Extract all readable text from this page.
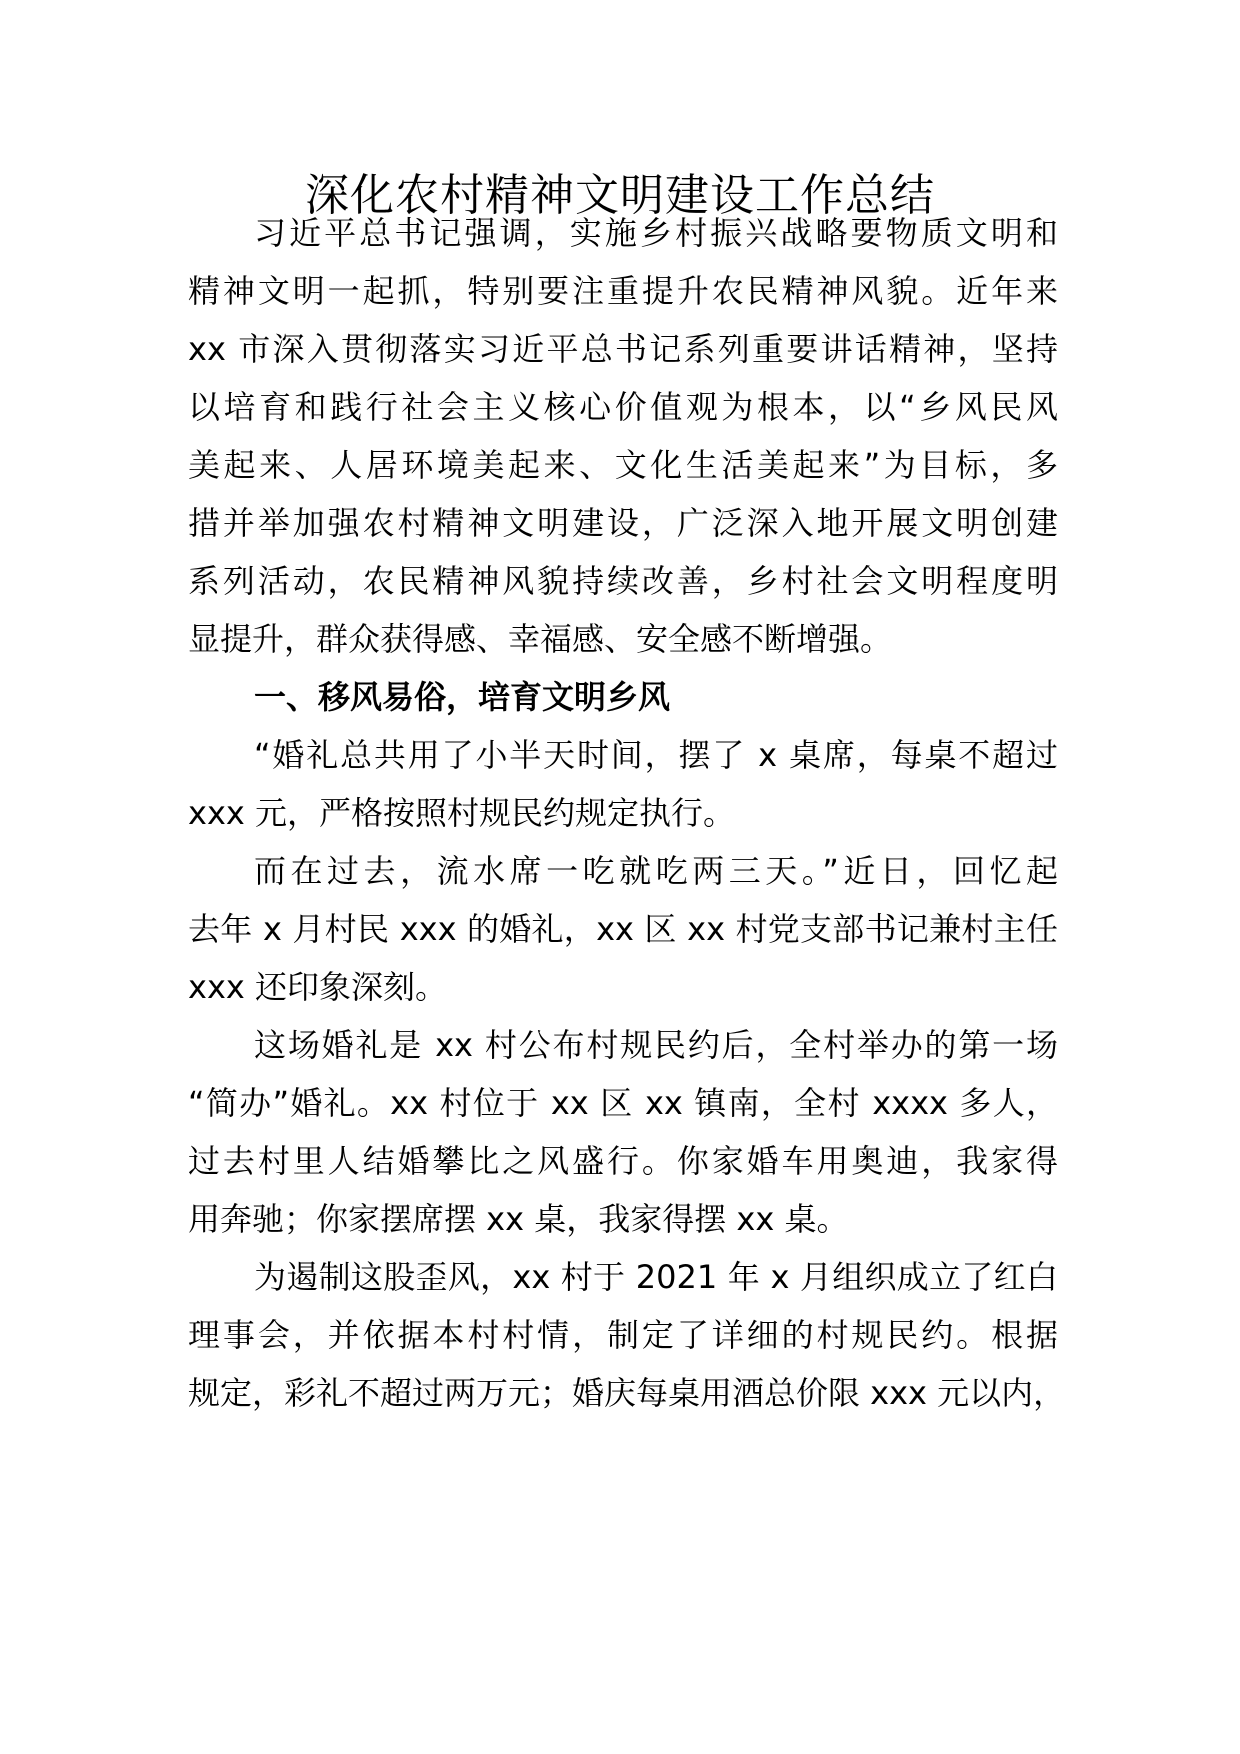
深化农村精神文明建设工作总结
习近平总书记强调，实施乡村振兴战略要物质文明和
精神文明一起抓，特别要注重提升农民精神风貌。近年来
xx 市深入贯彻落实习近平总书记系列重要讲话精神，坚持
以培育和践行社会主义核心价值观为根本，以“乡风民风
美起来、人居环境美起来、文化生活美起来”为目标，多
措并举加强农村精神文明建设，广泛深入地开展文明创建
系列活动，农民精神风貌持续改善，乡村社会文明程度明
显提升，群众获得感、幸福感、安全感不断增强。
一、移风易俗，培育文明乡风
“婚礼总共用了小半天时间，摆了 x 桌席，每桌不超过
xxx 元，严格按照村规民约规定执行。
而在过去，流水席一吃就吃两三天。”近日，回忆起
去年 x 月村民 xxx 的婚礼，xx 区 xx 村党支部书记兼村主任
xxx 还印象深刻。
这场婚礼是 xx 村公布村规民约后，全村举办的第一场
“简办”婚礼。xx 村位于 xx 区 xx 镇南，全村 xxxx 多人，
过去村里人结婚攀比之风盛行。你家婚车用奥迪，我家得
用奔驰；你家摆席摆 xx 桌，我家得摆 xx 桌。
为遏制这股歪风，xx 村于 2021 年 x 月组织成立了红白
理事会，并依据本村村情，制定了详细的村规民约。根据
规定，彩礼不超过两万元；婚庆每桌用酒总价限 xxx 元以内，
